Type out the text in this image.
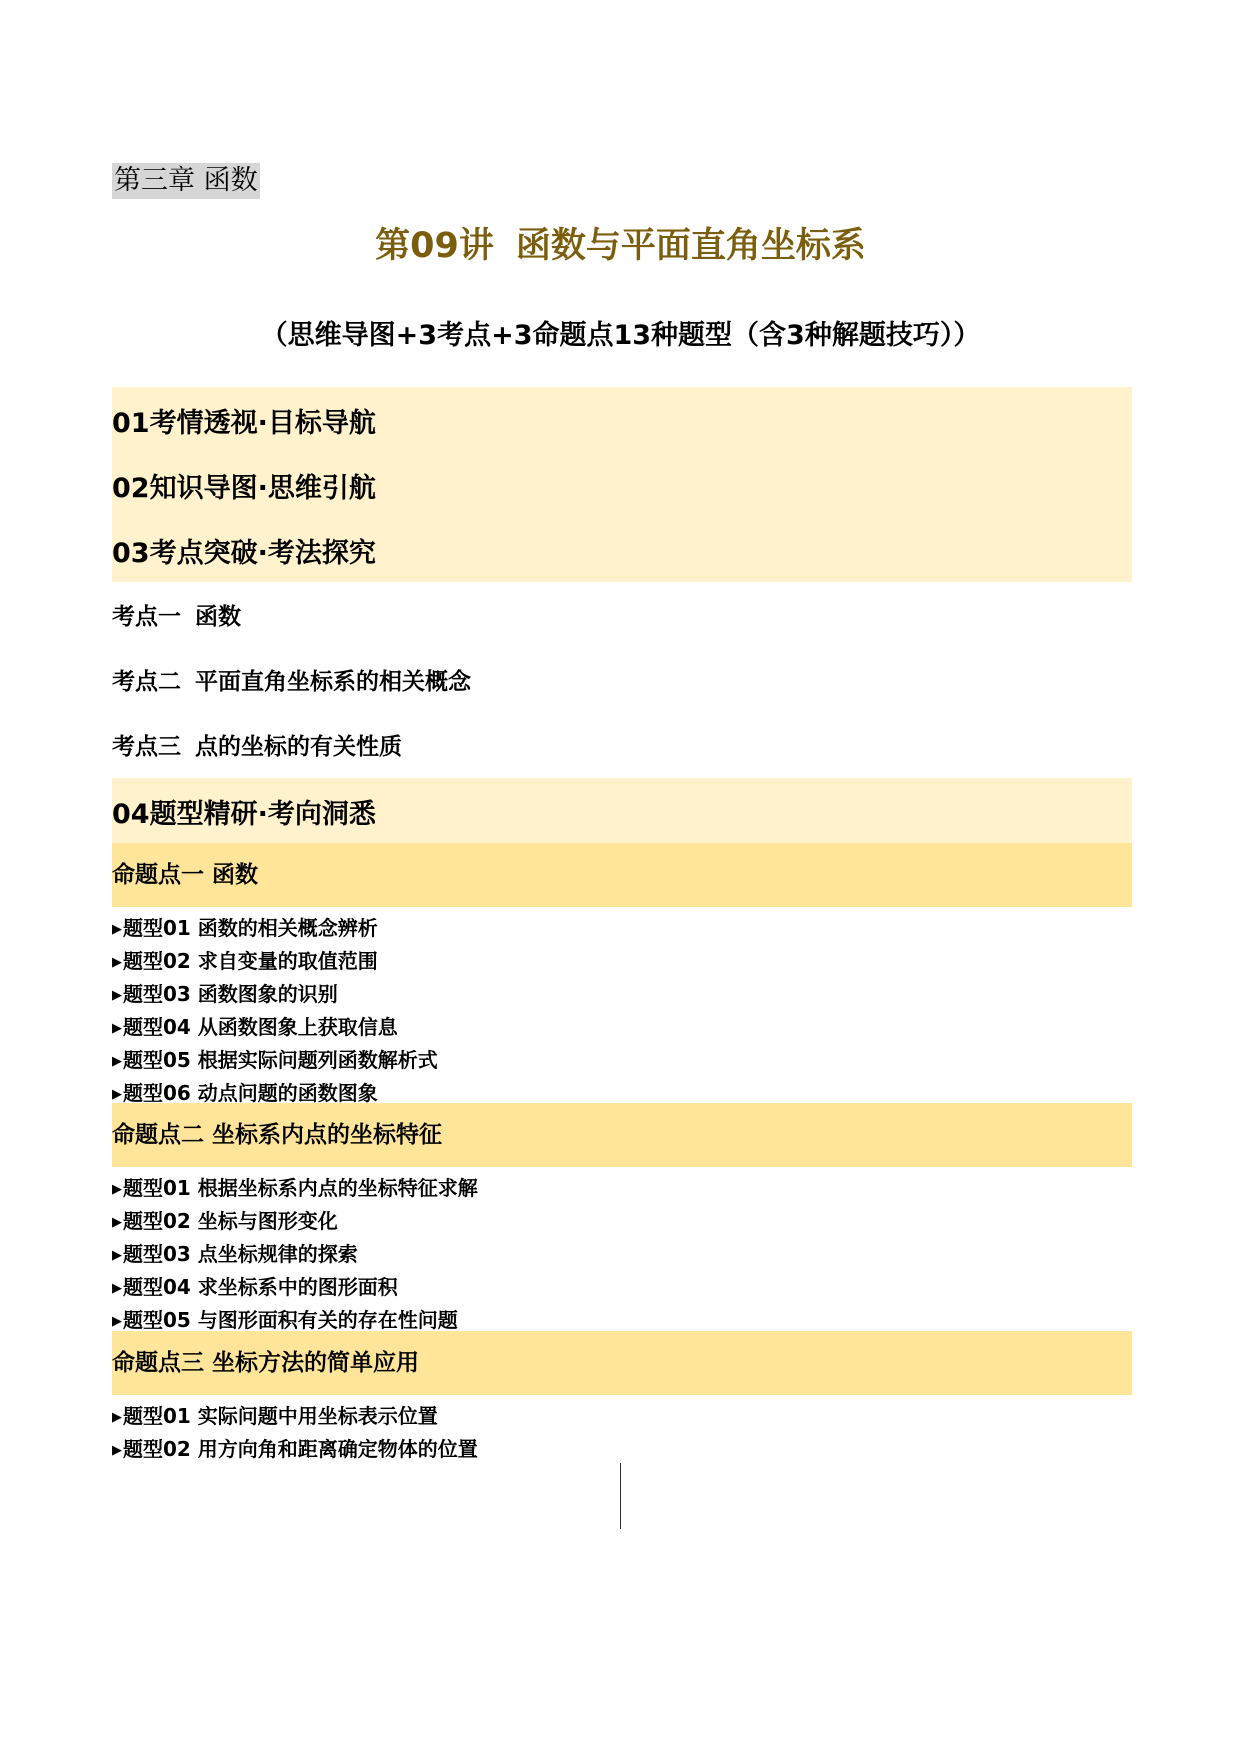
第三章 函数
第09讲 函数与平面直角坐标系
（思维导图+3考点+3命题点13种题型（含3种解题技巧））
01考情透视·目标导航
02知识导图·思维引航
03考点突破·考法探究
考点一 函数
考点二 平面直角坐标系的相关概念
考点三 点的坐标的有关性质
04题型精研·考向洞悉
命题点一 函数
▶题型01 函数的相关概念辨析
▶题型02 求自变量的取值范围
▶题型03 函数图象的识别
▶题型04 从函数图象上获取信息
▶题型05 根据实际问题列函数解析式
▶题型06 动点问题的函数图象
命题点二 坐标系内点的坐标特征
▶题型01 根据坐标系内点的坐标特征求解
▶题型02 坐标与图形变化
▶题型03 点坐标规律的探索
▶题型04 求坐标系中的图形面积
▶题型05 与图形面积有关的存在性问题
命题点三 坐标方法的简单应用
▶题型01 实际问题中用坐标表示位置
▶题型02 用方向角和距离确定物体的位置
